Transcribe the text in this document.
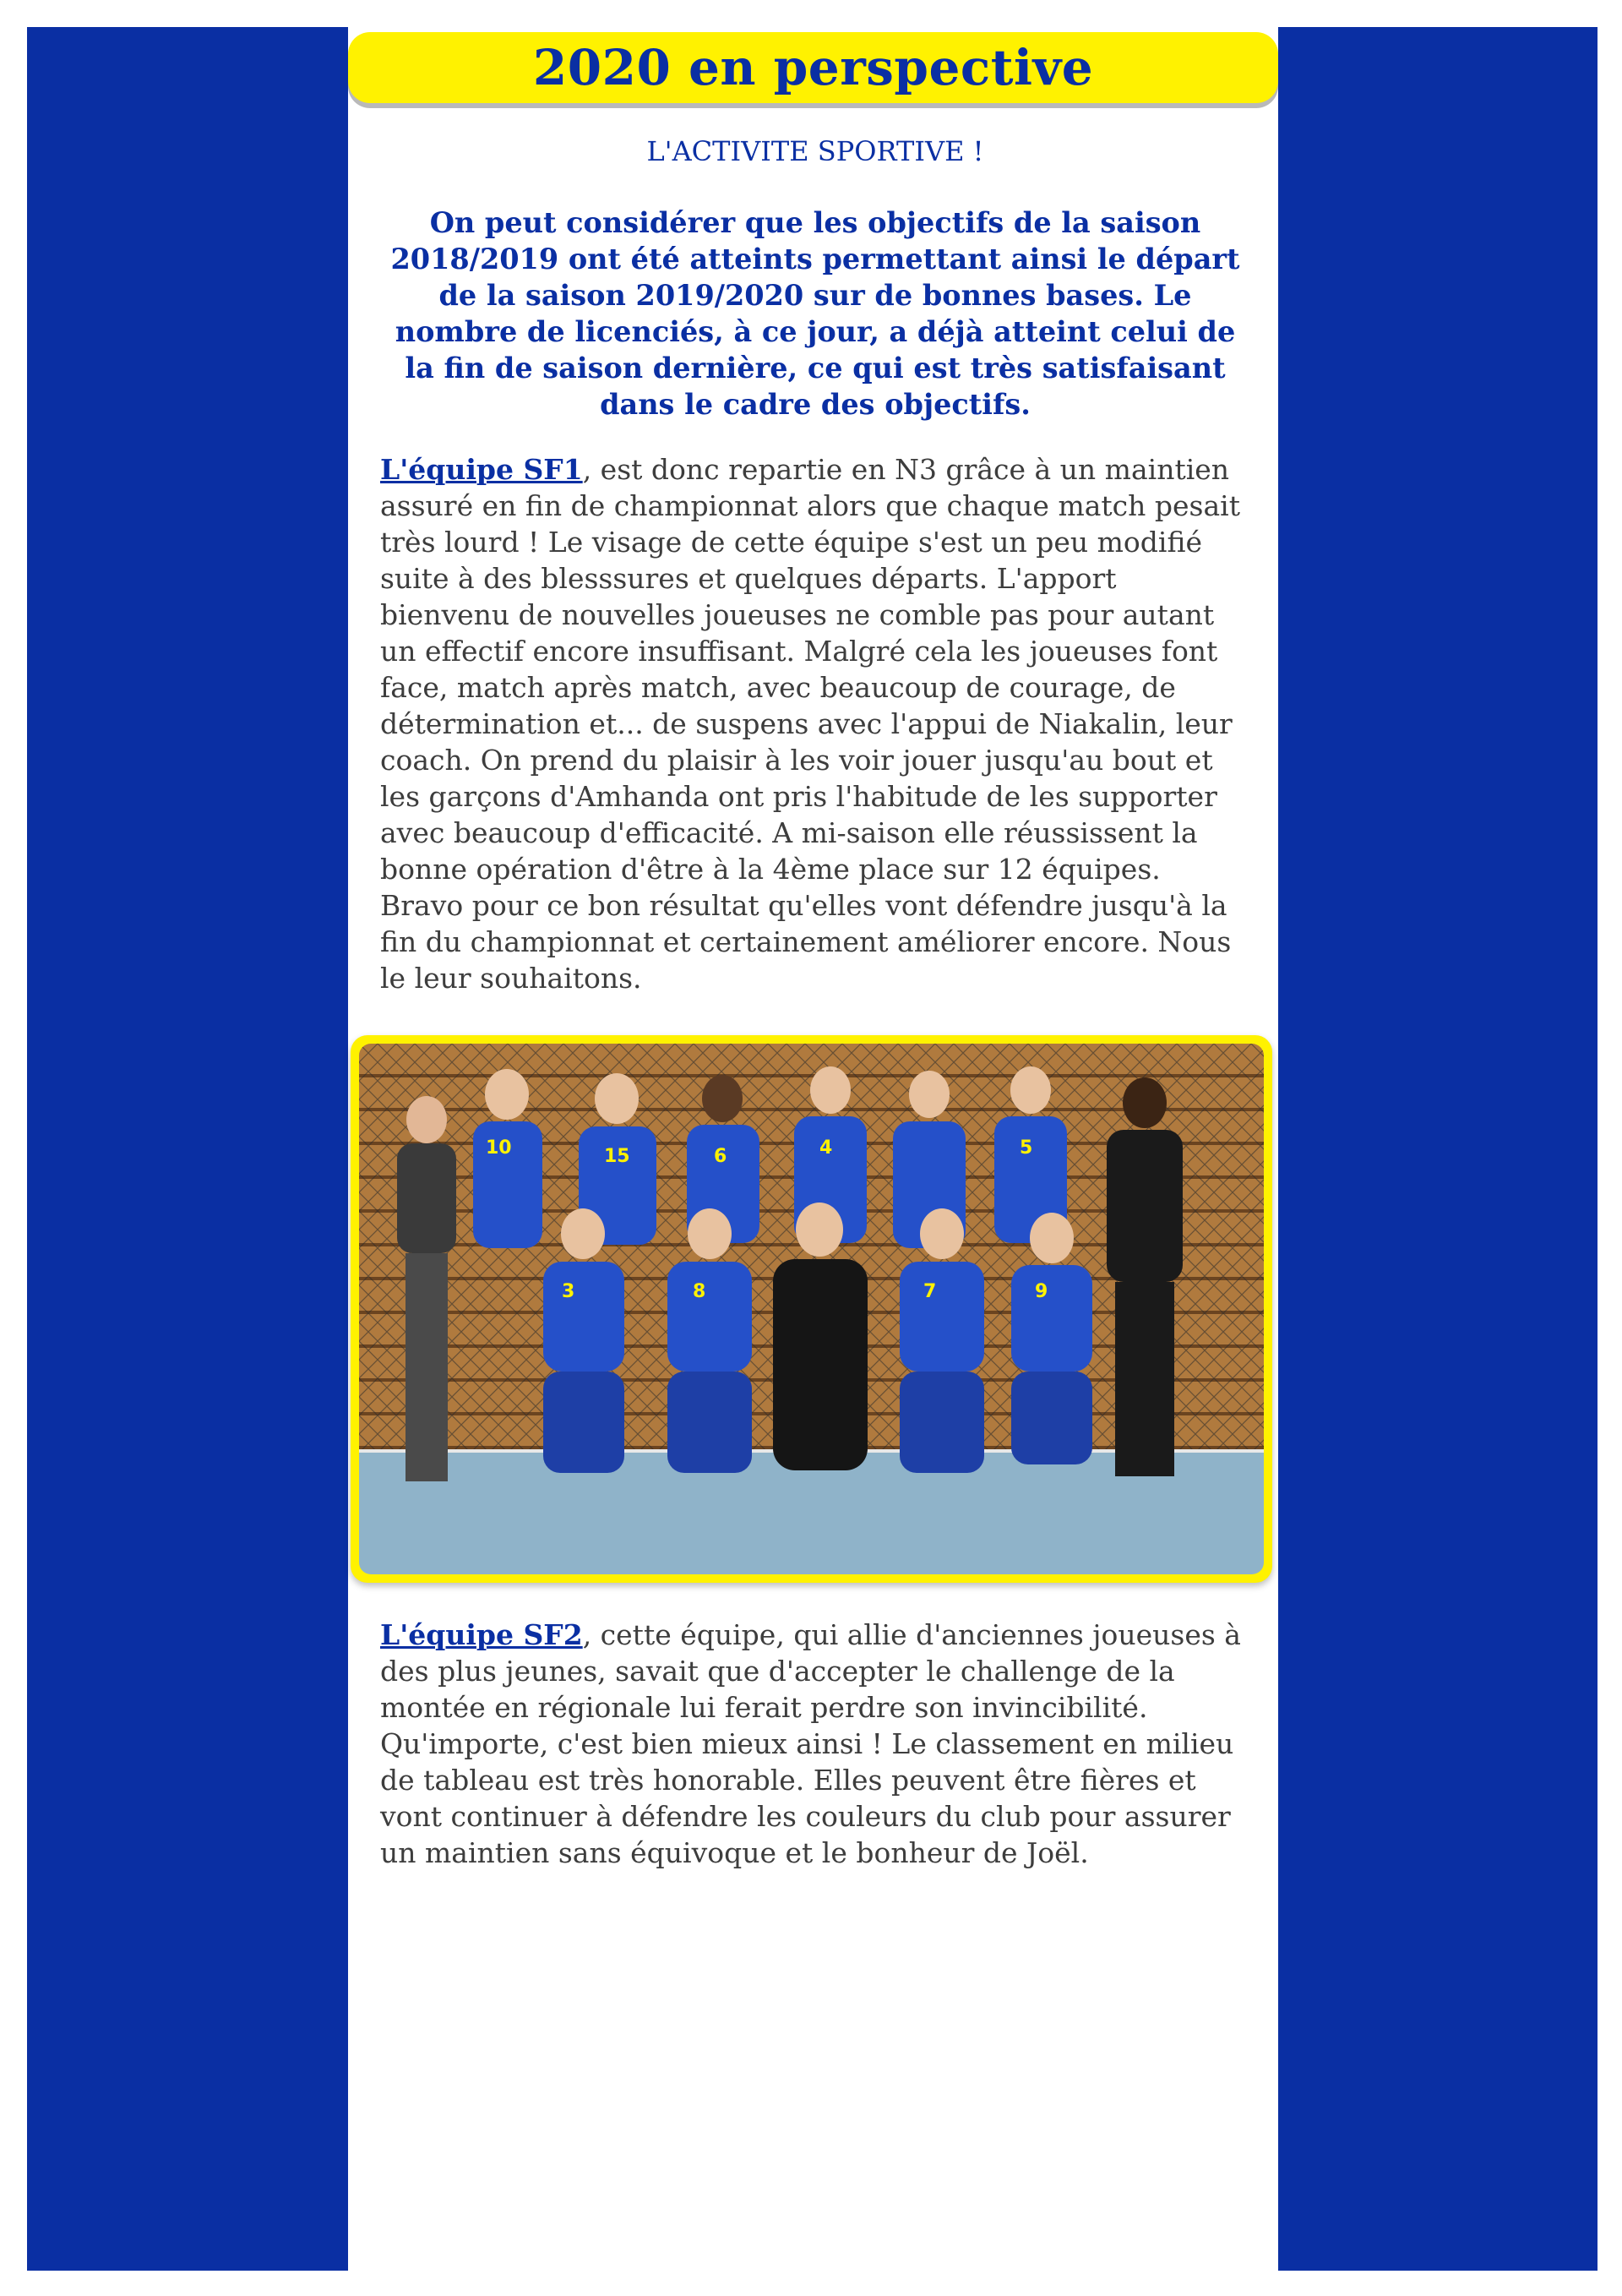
2020 en perspective

L'ACTIVITE SPORTIVE !

On peut considérer que les objectifs de la saison 2018/2019 ont été atteints permettant ainsi le départ de la saison 2019/2020 sur de bonnes bases. Le nombre de licenciés, à ce jour, a déjà atteint celui de la fin de saison dernière, ce qui est très satisfaisant dans le cadre des objectifs.

L'équipe SF1, est donc repartie en N3 grâce à un maintien assuré en fin de championnat alors que chaque match pesait très lourd ! Le visage de cette équipe s'est un peu modifié suite à des blesssures et quelques départs. L'apport bienvenu de nouvelles joueuses ne comble pas pour autant un effectif encore insuffisant. Malgré cela les joueuses font face, match après match, avec beaucoup de courage, de détermination et... de suspens avec l'appui de Niakalin, leur coach. On prend du plaisir à les voir jouer jusqu'au bout et les garçons d'Amhanda ont pris l'habitude de les supporter avec beaucoup d'efficacité. A mi-saison elle réussissent la bonne opération d'être à la 4ème place sur 12 équipes. Bravo pour ce bon résultat qu'elles vont défendre jusqu'à la fin du championnat et certainement améliorer encore. Nous le leur souhaitons.

10	15	6	4	5
3	8	7	9

L'équipe SF2, cette équipe, qui allie d'anciennes joueuses à des plus jeunes, savait que d'accepter le challenge de la montée en régionale lui ferait perdre son invincibilité. Qu'importe, c'est bien mieux ainsi ! Le classement en milieu de tableau est très honorable. Elles peuvent être fières et vont continuer à défendre les couleurs du club pour assurer un maintien sans équivoque et le bonheur de Joël.
